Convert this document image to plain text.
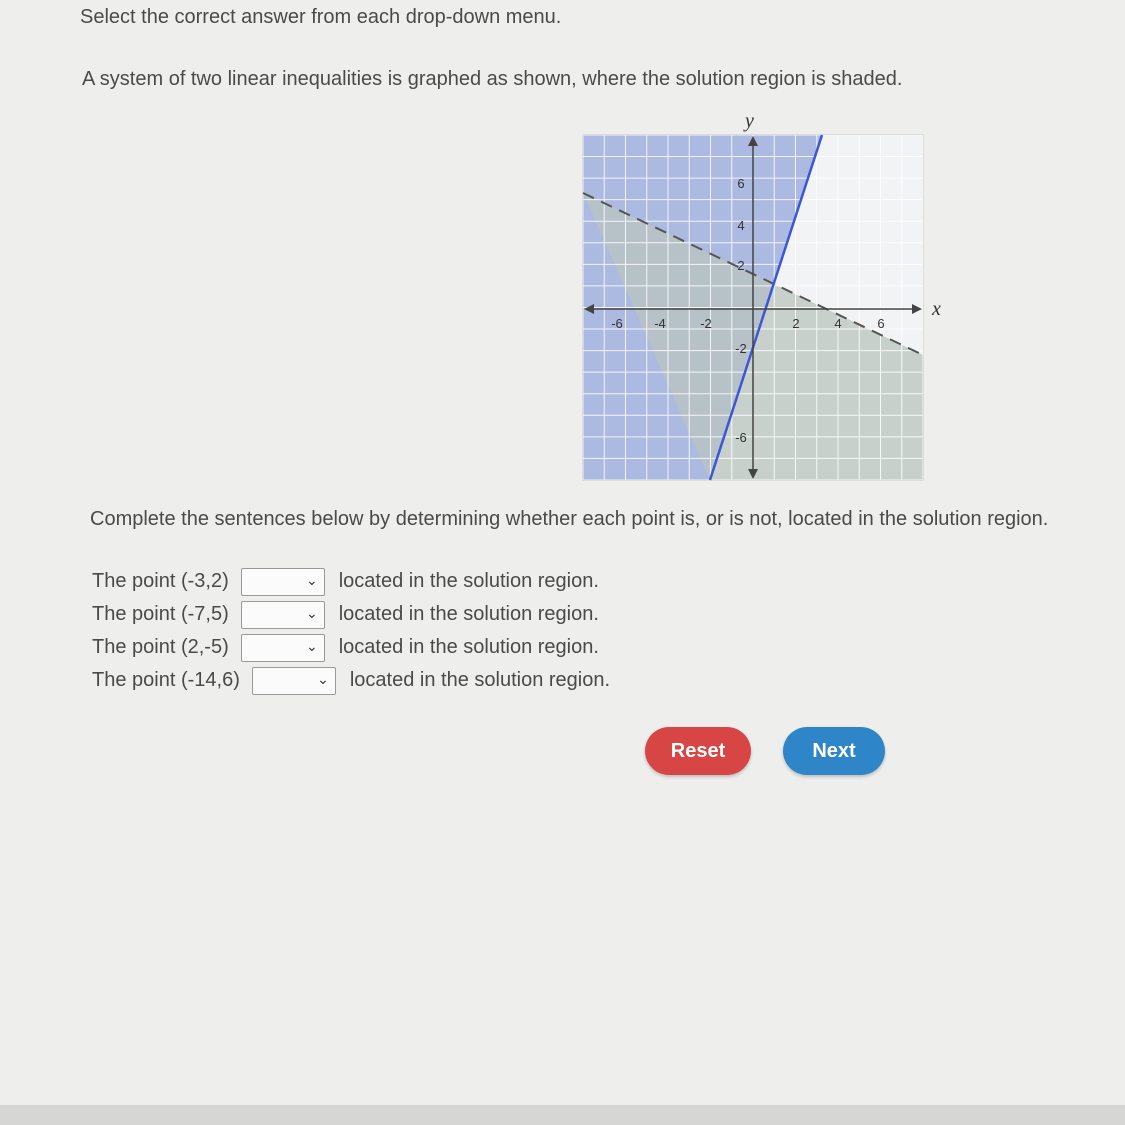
Select the correct answer from each drop-down menu.
A system of two linear inequalities is graphed as shown, where the solution region is shaded.
x
y
-6 -4	-2	2	4	6
6
4
2
-2
-6
Complete the sentences below by determining whether each point is, or is not, located in the solution region.
The point (-3,2)	⌄ located in the solution region.
The point (-7,5)	⌄ located in the solution region.
The point (2,-5)	⌄ located in the solution region.
The point (-14,6)	⌄ located in the solution region.
Reset	Next
